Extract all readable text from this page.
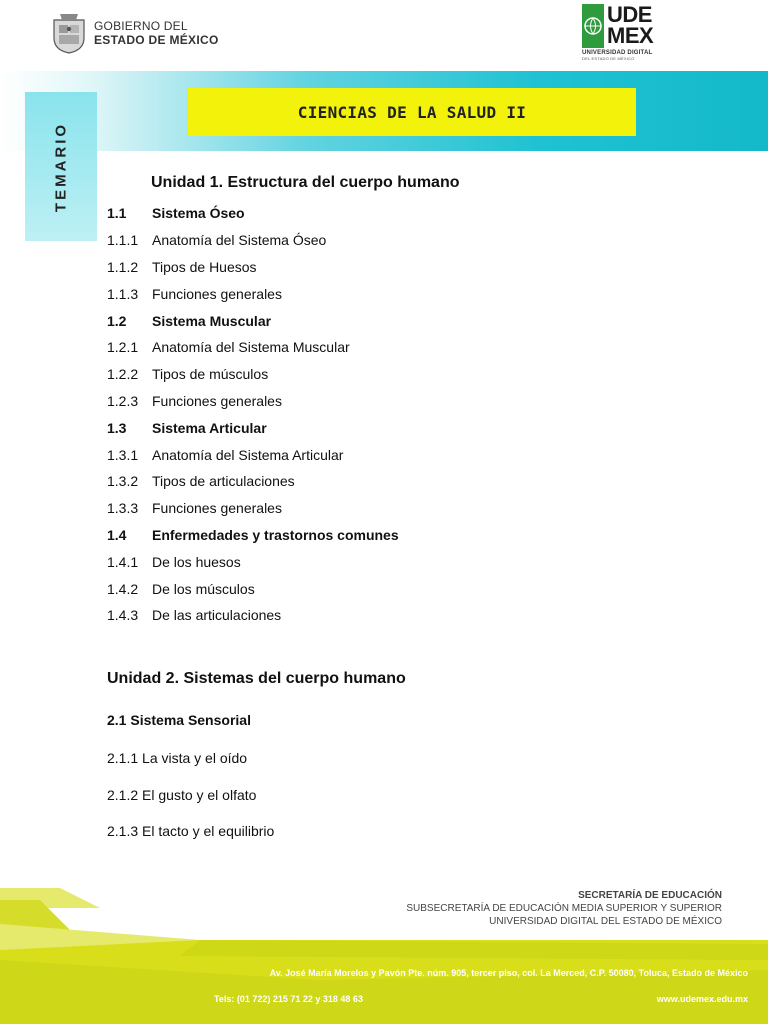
GOBIERNO DEL
ESTADO DE MÉXICO
UDE
MEX
UNIVERSIDAD DIGITAL
DEL ESTADO DE MÉXICO
TEMARIO
CIENCIAS DE LA SALUD II
Unidad 1. Estructura del cuerpo humano
1.1	Sistema Óseo
1.1.1 Anatomía del Sistema Óseo
1.1.2 Tipos de Huesos
1.1.3 Funciones generales
1.2	Sistema Muscular
1.2.1 Anatomía del Sistema Muscular
1.2.2 Tipos de músculos
1.2.3 Funciones generales
1.3	Sistema Articular
1.3.1 Anatomía del Sistema Articular
1.3.2 Tipos de articulaciones
1.3.3 Funciones generales
1.4	Enfermedades y trastornos comunes
1.4.1 De los huesos
1.4.2 De los músculos
1.4.3 De las articulaciones
Unidad 2. Sistemas del cuerpo humano
2.1 Sistema Sensorial
2.1.1 La vista y el oído
2.1.2 El gusto y el olfato
2.1.3 El tacto y el equilibrio
SECRETARÍA DE EDUCACIÓN
SUBSECRETARÍA DE EDUCACIÓN MEDIA SUPERIOR Y SUPERIOR
UNIVERSIDAD DIGITAL DEL ESTADO DE MÉXICO
Av. José María Morelos y Pavón Pte. núm. 905, tercer piso, col. La Merced, C.P. 50080, Toluca, Estado de México
Tels: (01 722) 215 71 22 y 318 48 63	www.udemex.edu.mx
